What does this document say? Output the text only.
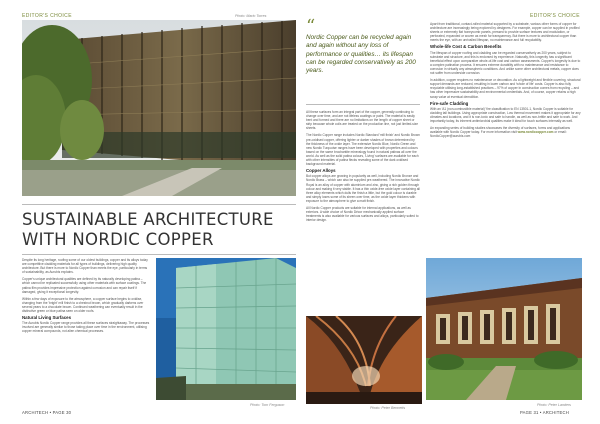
EDITOR'S CHOICE	Photo: Mario Torres
SUSTAINABLE ARCHITECTURE
WITH NORDIC COPPER

Despite its long heritage, roofing some of our oldest buildings, copper and its alloys today are competitive cladding materials for all types of buildings, delivering high quality architecture. But there is more to Nordic Copper than meets the eye, particularly in terms of sustainability, as Aurubis explains.

Copper's unique architectural qualities are defined by its naturally developing patina – which cannot be replicated successfully using other materials with surface coatings. The patina film provides impressive protection against corrosion and can repair itself if damaged, giving it exceptional longevity.

Within a few days of exposure to the atmosphere, a copper surface begins to oxidise, changing from the 'bright' mill finish to a chestnut brown, which gradually darkens over several years to a chocolate brown. Continued weathering can eventually result in the distinctive green or blue patina seen on older roofs.

Natural Living Surfaces

The Aurubis Nordic Copper range provides all these surfaces straightaway. The processes involved are generally similar to those taking place over time in the environment, utilising copper mineral compounds, not alien chemical processes.

Photo: Tom Ferguson
ARCHITECH • PAGE 30
“
Nordic Copper can be recycled again and again without any loss of performance or qualities… its lifespan can be regarded conservatively as 200 years.

All these surfaces form an integral part of the copper, generally continuing to change over time, and are not lifeless coatings or paint. The material is easily bent and formed and there are no limitations on the length of copper sheet or strip because whole coils are treated on the production line, not just limited-size sheets.

The Nordic Copper range includes Nordic Standard 'mill finish' and Nordic Brown pre-oxidised copper, offering lighter or darker shades of brown determined by the thickness of the oxide layer. The extensive Nordic Blue, Nordic Green and new Nordic Turquoise ranges have been developed with properties and colours based on the same brochantite mineralogy found in natural patinas all over the world. As well as the solid patina colours, 'Living' surfaces are available for each with other intensities of patina flecks revealing some of the dark oxidised background material.

Copper Alloys

But copper alloys are growing in popularity as well, including Nordic Bronze and Nordic Brass – which can also be supplied pre-weathered. The innovative Nordic Royal is an alloy of copper with aluminium and zinc, giving a rich golden through colour and making it very stable. It has a thin oxide-free oxide layer containing all three alloy elements which dulls the finish a little, but the gold colour is durable and simply loses some of its sheen over time, as the oxide layer thickens with exposure to the atmosphere to give a matt finish.

All Nordic Copper products are suitable for internal applications, as well as exteriors. A wide choice of Nordic Décor mechanically applied surface treatments is also available for various surfaces and alloys, particularly suited to interior design.

Photo: Peter Bennetts
EDITOR'S CHOICE

Apart from traditional, contact-rolled material supported by a substrate, various other forms of copper for architecture are increasingly being explored by designers. For example, copper can be supplied in profiled sheets or extremely flat honeycomb panels, pressed to provide surface textures and modulation, or perforated, expanded or woven as mesh for transparency. But there is more to architectural copper than meets the eye, with an unrivalled lifespan, no maintenance and full recyclability.

Whole-life Cost & Carbon Benefits

The lifespan of copper roofing and cladding can be regarded conservatively as 200 years, subject to substrate and structure, and this is endorsed by experience. Naturally, this longevity has a significant beneficial effect upon comparative whole-of-life cost and carbon assessments. Copper's longevity is due to a complex patination process. It ensures extreme durability with no maintenance and resistance to corrosion in virtually any atmospheric conditions. And unlike some other architectural metals, copper does not suffer from underside corrosion.

In addition, copper requires no maintenance or decoration. As a lightweight and flexible covering, structural support demands are reduced, resulting in lower carbon and 'whole of life' costs. Copper is also fully recyclable utilising long-established practices – 97% of copper in construction comes from recycling – and has other impressive sustainability and environmental credentials. And, of course, copper retains a high scrap value at eventual demolition.

Fire-safe Cladding

With an 'A1 (non-combustible material)' fire classification to EN 13501-1, Nordic Copper is suitable for cladding tall buildings. Using appropriate construction, Low thermal movement makes it appropriate for any climates and locations, and it is non-toxic and safe to handle, as well as non-brittle and safe to work. And importantly today, its inherent antimicrobial qualities make it ideal for touch surfaces internally as well.

An expanding series of building studies showcases the diversity of surfaces, forms and applications available with Nordic Copper today. For more information visit www.nordiccopper.com or email: NordicCopper@aurubis.com

Photo: Peter Landers
PAGE 31 • ARCHITECH
